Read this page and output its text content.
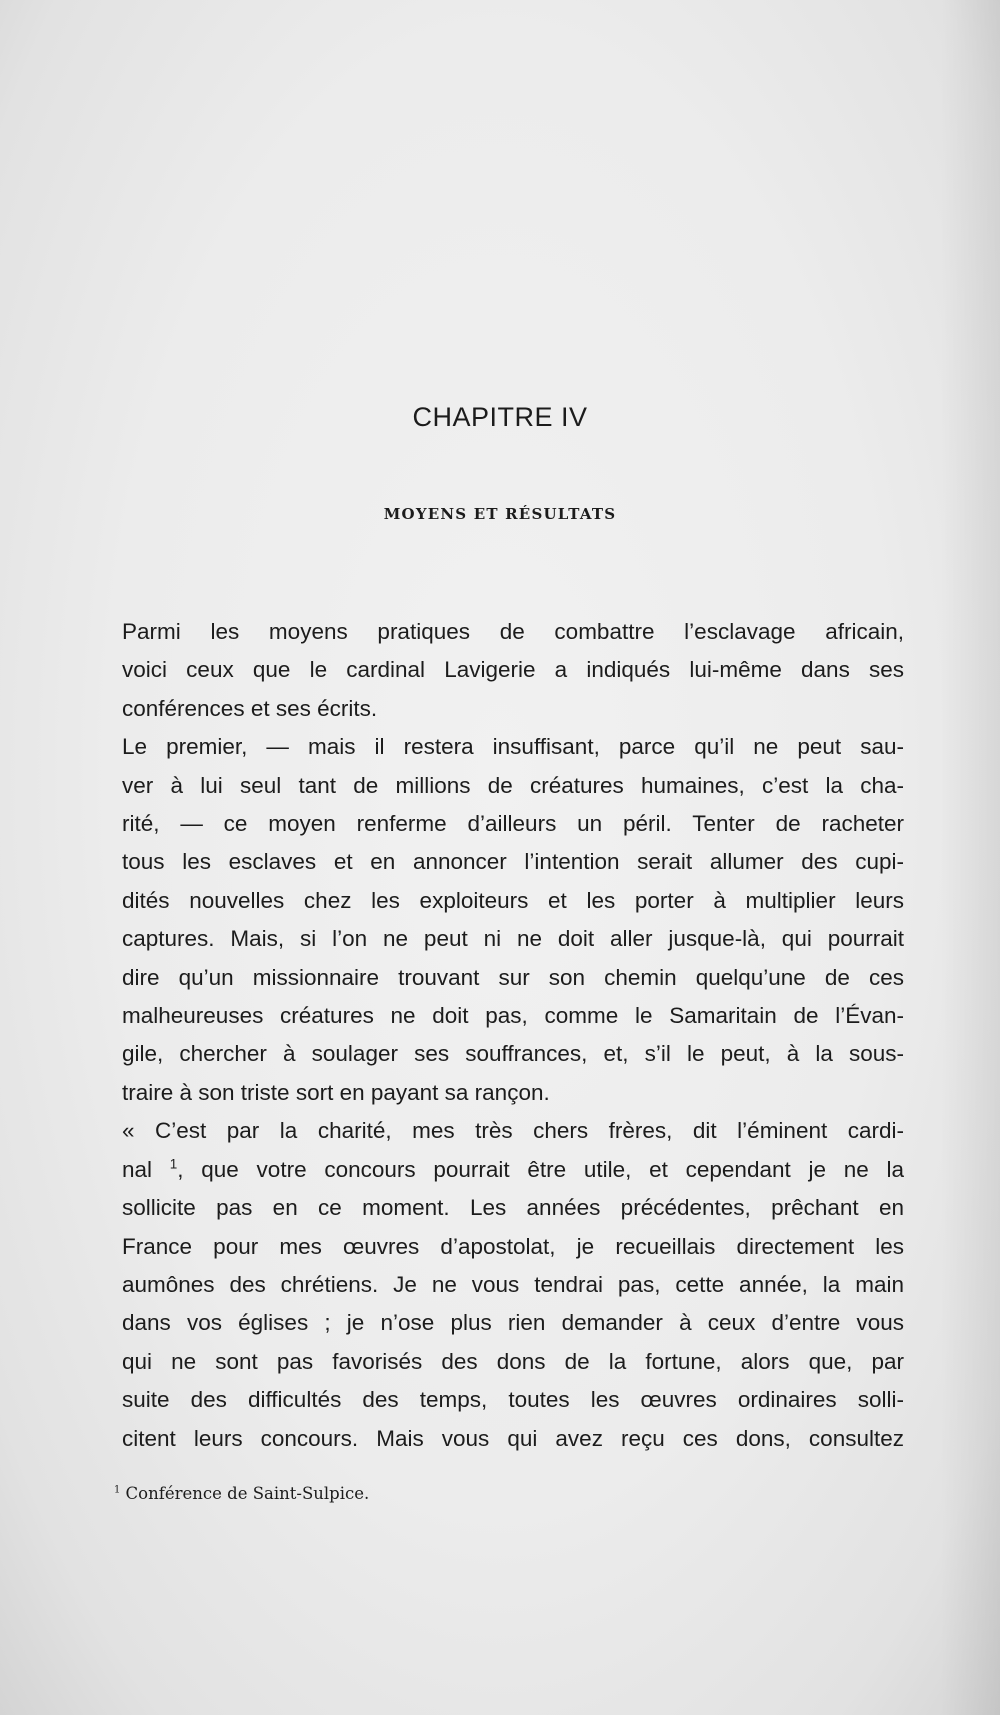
CHAPITRE IV
MOYENS ET RÉSULTATS

Parmi les moyens pratiques de combattre l’esclavage africain,
voici ceux que le cardinal Lavigerie a indiqués lui-même dans ses
conférences et ses écrits.

Le premier, — mais il restera insuffisant, parce qu’il ne peut sau-
ver à lui seul tant de millions de créatures humaines, c’est la cha-
rité, — ce moyen renferme d’ailleurs un péril. Tenter de racheter
tous les esclaves et en annoncer l’intention serait allumer des cupi-
dités nouvelles chez les exploiteurs et les porter à multiplier leurs
captures. Mais, si l’on ne peut ni ne doit aller jusque-là, qui pourrait
dire qu’un missionnaire trouvant sur son chemin quelqu’une de ces
malheureuses créatures ne doit pas, comme le Samaritain de l’Évan-
gile, chercher à soulager ses souffrances, et, s’il le peut, à la sous-
traire à son triste sort en payant sa rançon.

« C’est par la charité, mes très chers frères, dit l’éminent cardi-
nal $^1$, que votre concours pourrait être utile, et cependant je ne la
sollicite pas en ce moment. Les années précédentes, prêchant en
France pour mes œuvres d’apostolat, je recueillais directement les
aumônes des chrétiens. Je ne vous tendrai pas, cette année, la main
dans vos églises ; je n’ose plus rien demander à ceux d’entre vous
qui ne sont pas favorisés des dons de la fortune, alors que, par
suite des difficultés des temps, toutes les œuvres ordinaires solli-
citent leurs concours. Mais vous qui avez reçu ces dons, consultez

$^1$ Conférence de Saint-Sulpice.
